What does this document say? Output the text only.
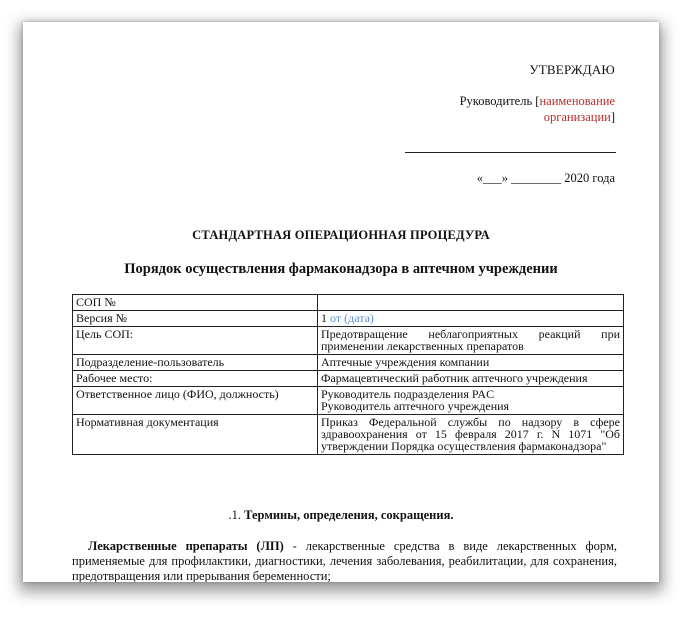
УТВЕРЖДАЮ
Руководитель [наименование организации]
«___» ________ 2020 года
СТАНДАРТНАЯ ОПЕРАЦИОННАЯ ПРОЦЕДУРА
Порядок осуществления фармаконадзора в аптечном учреждении
СОП №	
Версия №	1 от (дата)
Цель СОП:	Предотвращение неблагоприятных реакций при применении лекарственных препаратов
Подразделение-пользователь	Аптечные учреждения компании
Рабочее место:	Фармацевтический работник аптечного учреждения
Ответственное лицо (ФИО, должность)	Руководитель подразделения PAC
Руководитель аптечного учреждения

Нормативная документация	Приказ Федеральной службы по надзору в сфере здравоохранения от 15 февраля 2017 г. N 1071 "Об утверждении Порядка осуществления фармаконадзора"
.1. Термины, определения, сокращения.
Лекарственные препараты (ЛП) - лекарственные средства в виде лекарственных форм, применяемые для профилактики, диагностики, лечения заболевания, реабилитации, для сохранения, предотвращения или прерывания беременности;
